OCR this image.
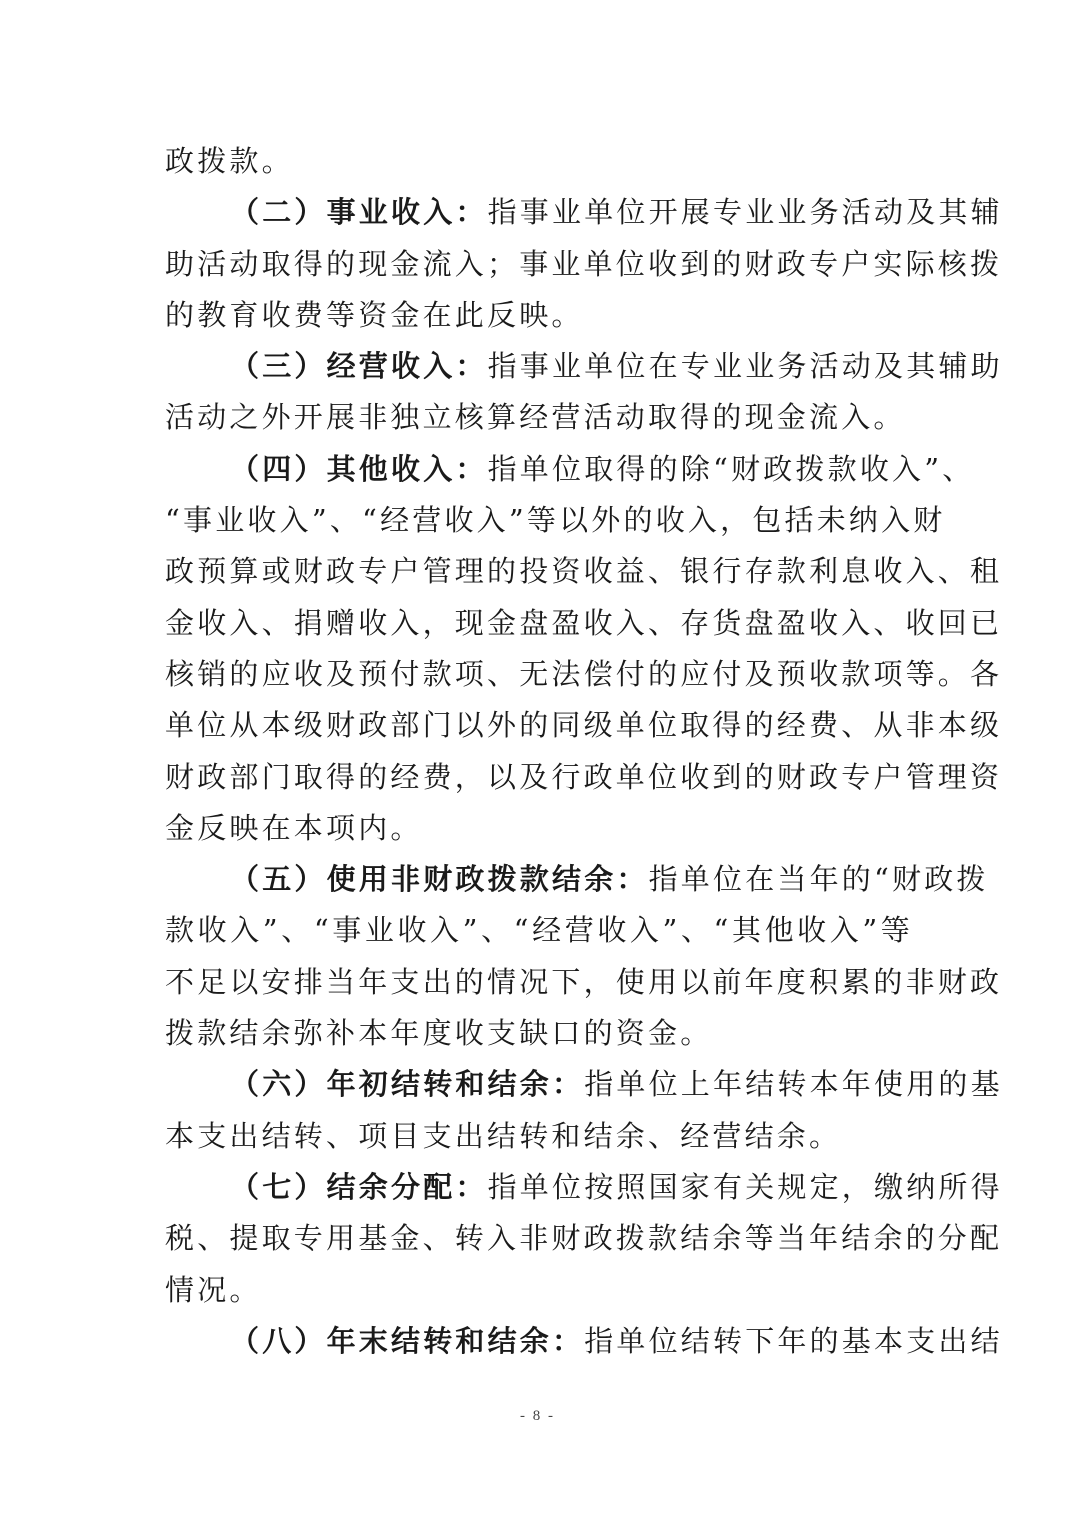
政拨款。
（二）事业收入：指事业单位开展专业业务活动及其辅
助活动取得的现金流入；事业单位收到的财政专户实际核拨
的教育收费等资金在此反映。
（三）经营收入：指事业单位在专业业务活动及其辅助
活动之外开展非独立核算经营活动取得的现金流入。
（四）其他收入：指单位取得的除“财政拨款收入”、
“事业收入”、“经营收入”等以外的收入，包括未纳入财
政预算或财政专户管理的投资收益、银行存款利息收入、租
金收入、捐赠收入，现金盘盈收入、存货盘盈收入、收回已
核销的应收及预付款项、无法偿付的应付及预收款项等。各
单位从本级财政部门以外的同级单位取得的经费、从非本级
财政部门取得的经费，以及行政单位收到的财政专户管理资
金反映在本项内。
（五）使用非财政拨款结余：指单位在当年的“财政拨
款收入”、“事业收入”、“经营收入”、“其他收入”等
不足以安排当年支出的情况下，使用以前年度积累的非财政
拨款结余弥补本年度收支缺口的资金。
（六）年初结转和结余：指单位上年结转本年使用的基
本支出结转、项目支出结转和结余、经营结余。
（七）结余分配：指单位按照国家有关规定，缴纳所得
税、提取专用基金、转入非财政拨款结余等当年结余的分配
情况。
（八）年末结转和结余：指单位结转下年的基本支出结
- 8 -
